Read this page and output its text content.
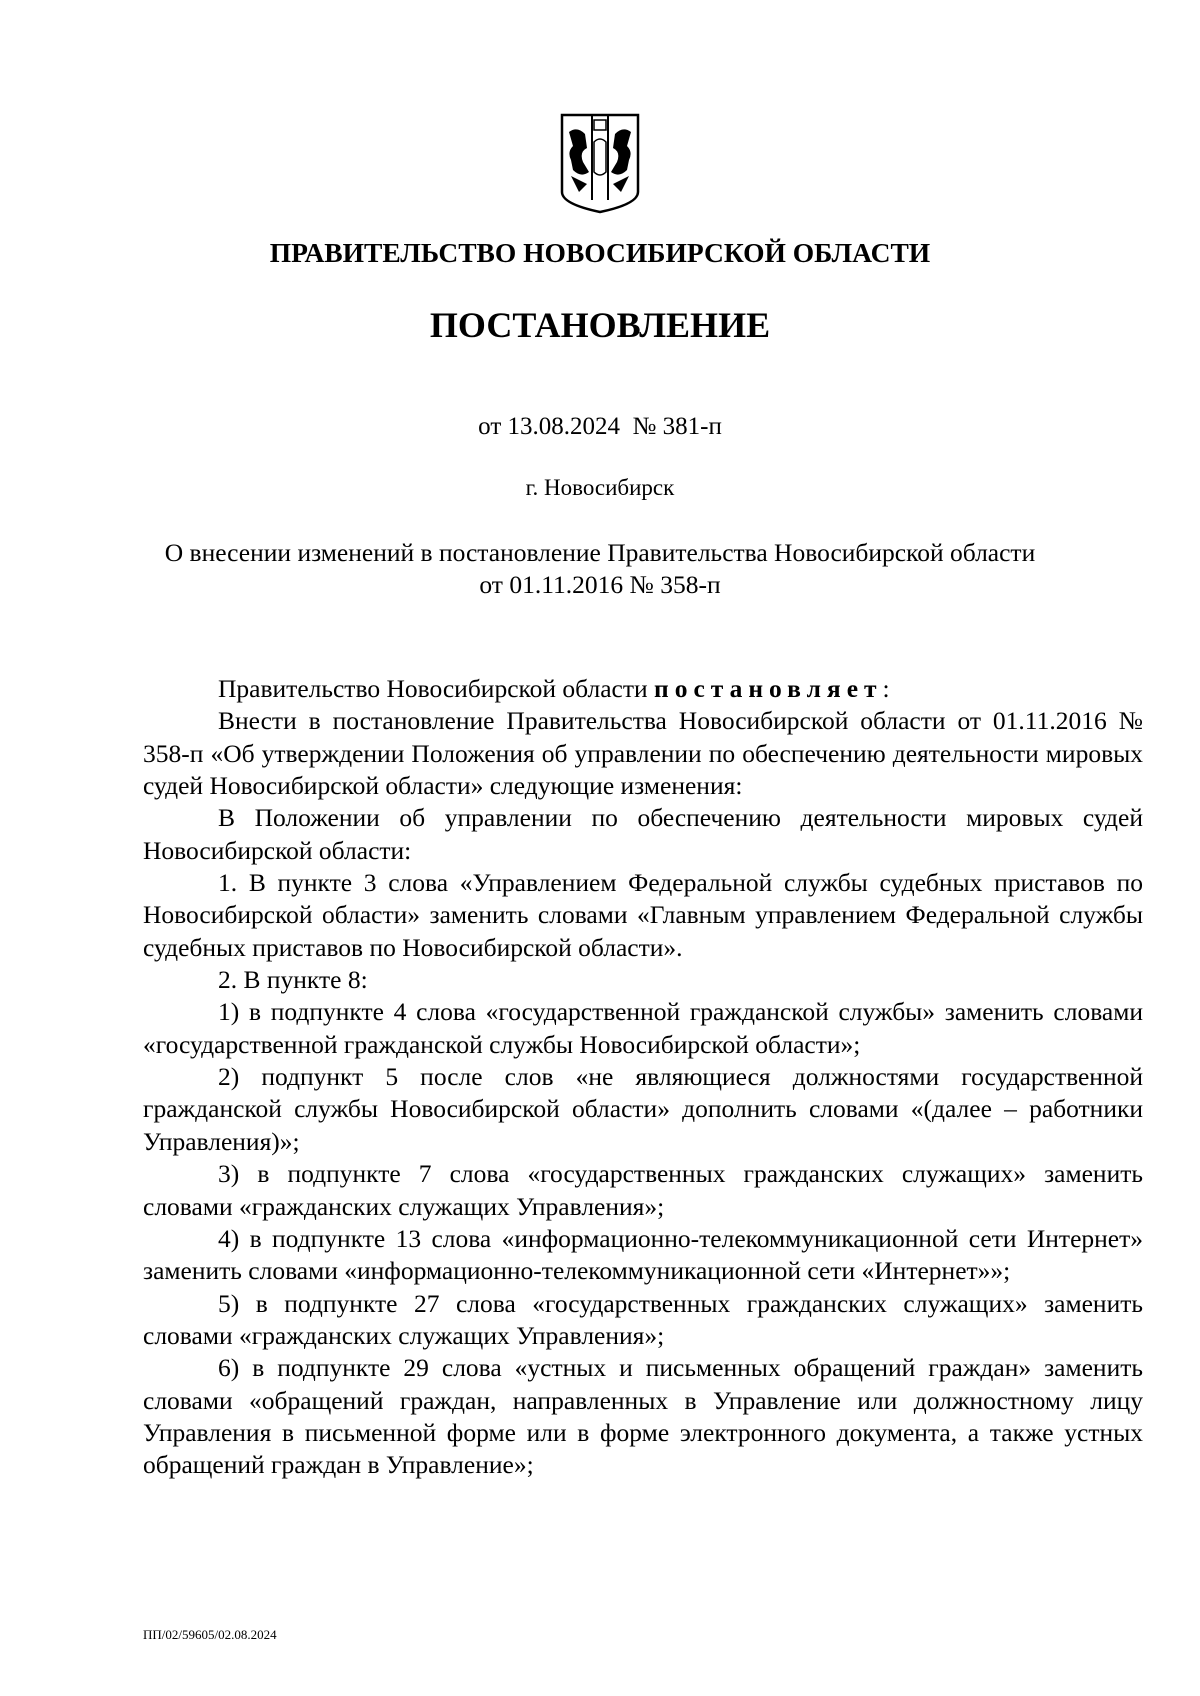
ПРАВИТЕЛЬСТВО НОВОСИБИРСКОЙ ОБЛАСТИ
ПОСТАНОВЛЕНИЕ
от 13.08.2024  № 381-п
г. Новосибирск
О внесении изменений в постановление Правительства Новосибирской области
от 01.11.2016 № 358-п

Правительство Новосибирской области постановляет:

Внести в постановление Правительства Новосибирской области от 01.11.2016 № 358-п «Об утверждении Положения об управлении по обеспечению деятельности мировых судей Новосибирской области» следующие изменения:

В Положении об управлении по обеспечению деятельности мировых судей Новосибирской области:

1. В пункте 3 слова «Управлением Федеральной службы судебных приставов по Новосибирской области» заменить словами «Главным управлением Федеральной службы судебных приставов по Новосибирской области».

2. В пункте 8:

1) в подпункте 4 слова «государственной гражданской службы» заменить словами «государственной гражданской службы Новосибирской области»;

2) подпункт 5 после слов «не являющиеся должностями государственной гражданской службы Новосибирской области» дополнить словами «(далее – работники Управления)»;

3) в подпункте 7 слова «государственных гражданских служащих» заменить словами «гражданских служащих Управления»;

4) в подпункте 13 слова «информационно-телекоммуникационной сети Интернет» заменить словами «информационно-телекоммуникационной сети «Интернет»»;

5) в подпункте 27 слова «государственных гражданских служащих» заменить словами «гражданских служащих Управления»;

6) в подпункте 29 слова «устных и письменных обращений граждан» заменить словами «обращений граждан, направленных в Управление или должностному лицу Управления в письменной форме или в форме электронного документа, а также устных обращений граждан в Управление»;

ПП/02/59605/02.08.2024
